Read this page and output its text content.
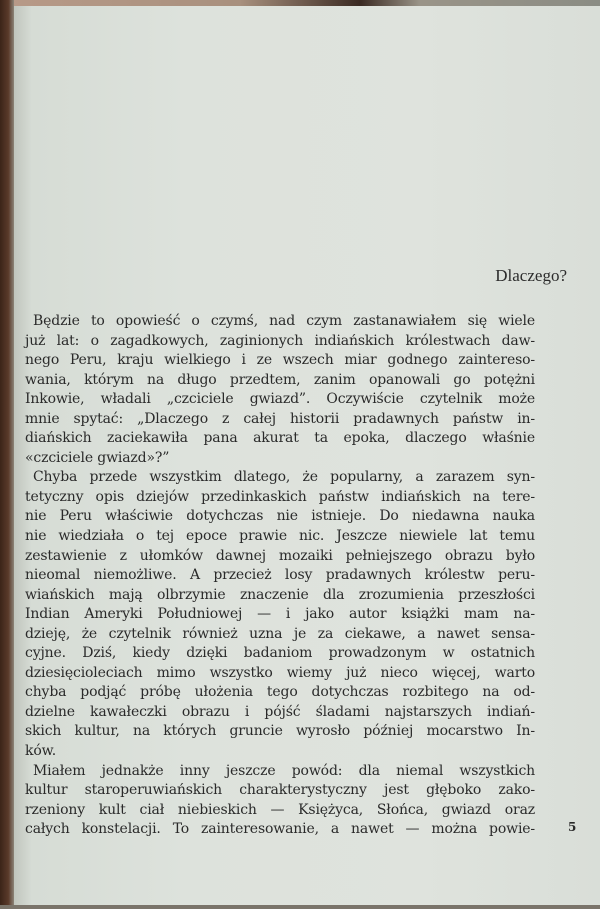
Dlaczego?
Będzie to opowieść o czymś, nad czym zastanawiałem się wiele
już lat: o zagadkowych, zaginionych indiańskich królestwach daw-
nego Peru, kraju wielkiego i ze wszech miar godnego zaintereso-
wania, którym na długo przedtem, zanim opanowali go potężni
Inkowie, władali „czciciele gwiazd”. Oczywiście czytelnik może
mnie spytać: „Dlaczego z całej historii pradawnych państw in-
diańskich zaciekawiła pana akurat ta epoka, dlaczego właśnie
«czciciele gwiazd»?”
Chyba przede wszystkim dlatego, że popularny, a zarazem syn-
tetyczny opis dziejów przedinkaskich państw indiańskich na tere-
nie Peru właściwie dotychczas nie istnieje. Do niedawna nauka
nie wiedziała o tej epoce prawie nic. Jeszcze niewiele lat temu
zestawienie z ułomków dawnej mozaiki pełniejszego obrazu było
nieomal niemożliwe. A przecież losy pradawnych królestw peru-
wiańskich mają olbrzymie znaczenie dla zrozumienia przeszłości
Indian Ameryki Południowej — i jako autor książki mam na-
dzieję, że czytelnik również uzna je za ciekawe, a nawet sensa-
cyjne. Dziś, kiedy dzięki badaniom prowadzonym w ostatnich
dziesięcioleciach mimo wszystko wiemy już nieco więcej, warto
chyba podjąć próbę ułożenia tego dotychczas rozbitego na od-
dzielne kawałeczki obrazu i pójść śladami najstarszych indiań-
skich kultur, na których gruncie wyrosło później mocarstwo In-
ków.
Miałem jednakże inny jeszcze powód: dla niemal wszystkich
kultur staroperuwiańskich charakterystyczny jest głęboko zako-
rzeniony kult ciał niebieskich — Księżyca, Słońca, gwiazd oraz
całych konstelacji. To zainteresowanie, a nawet — można powie-	5
